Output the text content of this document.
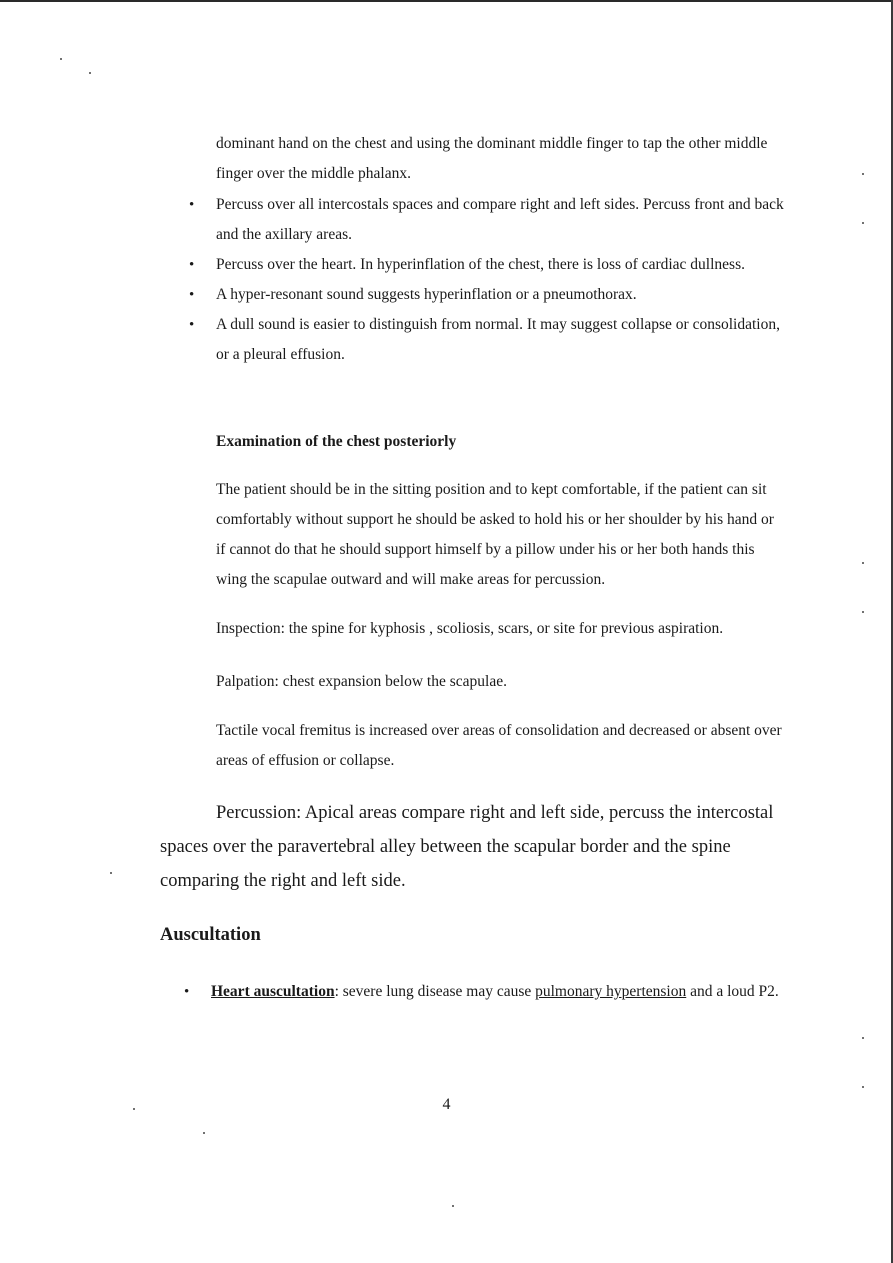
dominant hand on the chest and using the dominant middle finger to tap the other middle finger over the middle phalanx.

• Percuss over all intercostals spaces and compare right and left sides. Percuss front and back and the axillary areas.
• Percuss over the heart. In hyperinflation of the chest, there is loss of cardiac dullness.
• A hyper-resonant sound suggests hyperinflation or a pneumothorax.
• A dull sound is easier to distinguish from normal. It may suggest collapse or consolidation, or a pleural effusion.
Examination of the chest posteriorly

The patient should be in the sitting position and to kept comfortable, if the patient can sit comfortably without support he should be asked to hold his or her shoulder by his hand or if cannot do that he should support himself by a pillow under his or her both hands this wing the scapulae outward and will make areas for percussion.

Inspection: the spine for kyphosis , scoliosis, scars, or site for previous aspiration.

Palpation: chest expansion below the scapulae.

Tactile vocal fremitus is increased over areas of consolidation and decreased or absent over areas of effusion or collapse.

Percussion: Apical areas compare right and left side, percuss the intercostal spaces over the paravertebral alley between the scapular border and the spine comparing the right and left side.

Auscultation
• Heart auscultation: severe lung disease may cause pulmonary hypertension and a loud P2.
4
